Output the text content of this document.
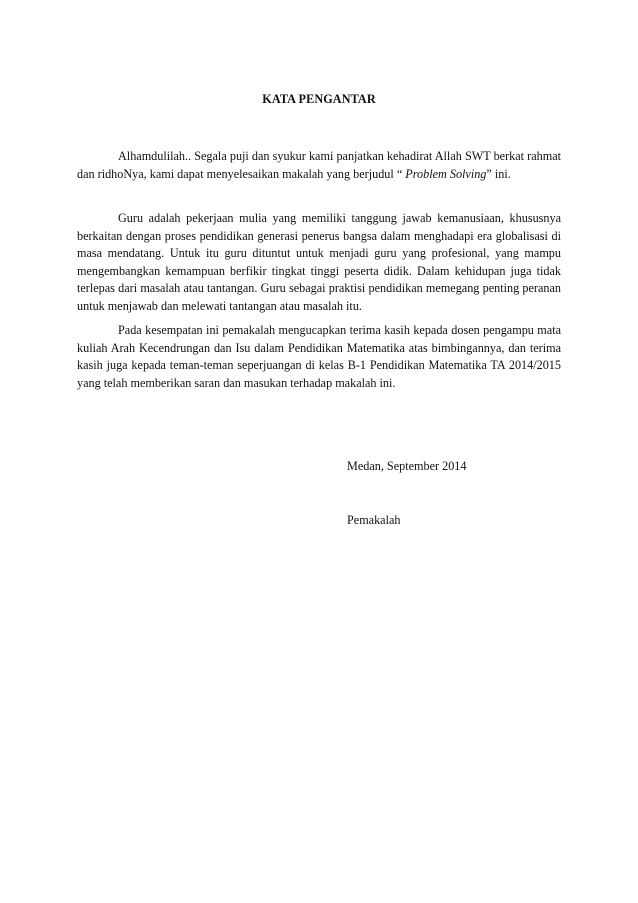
KATA PENGANTAR

Alhamdulilah.. Segala puji dan syukur kami panjatkan kehadirat Allah SWT berkat rahmat dan ridhoNya, kami dapat menyelesaikan makalah yang berjudul “ Problem Solving” ini.

Guru adalah pekerjaan mulia yang memiliki tanggung jawab kemanusiaan, khususnya berkaitan dengan proses pendidikan generasi penerus bangsa dalam menghadapi era globalisasi di masa mendatang. Untuk itu guru dituntut untuk menjadi guru yang profesional, yang mampu mengembangkan kemampuan berfikir tingkat tinggi peserta didik. Dalam kehidupan juga tidak terlepas dari masalah atau tantangan. Guru sebagai praktisi pendidikan memegang penting peranan untuk menjawab dan melewati tantangan atau masalah itu.

Pada kesempatan ini pemakalah mengucapkan terima kasih kepada dosen pengampu mata kuliah Arah Kecendrungan dan Isu dalam Pendidikan Matematika atas bimbingannya, dan terima kasih juga kepada teman-teman seperjuangan di kelas B-1 Pendidikan Matematika TA 2014/2015 yang telah memberikan saran dan masukan terhadap makalah ini.

Medan, September 2014

Pemakalah
